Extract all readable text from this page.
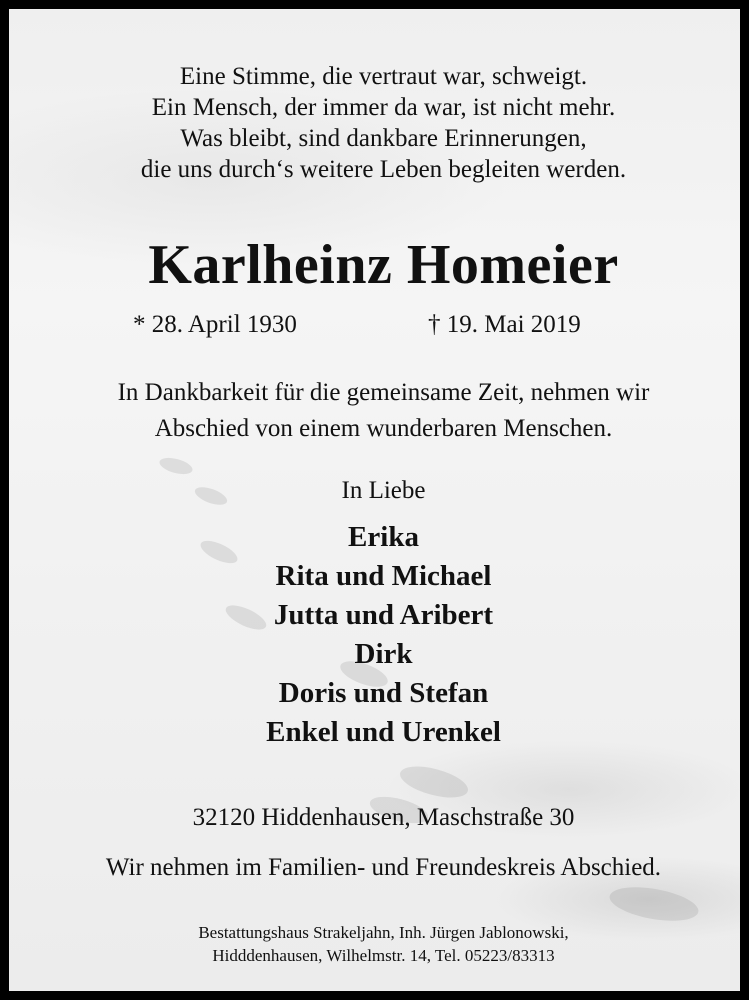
Eine Stimme, die vertraut war, schweigt.
Ein Mensch, der immer da war, ist nicht mehr.
Was bleibt, sind dankbare Erinnerungen,
die uns durch‘s weitere Leben begleiten werden.
Karlheinz Homeier
* 28. April 1930	† 19. Mai 2019
In Dankbarkeit für die gemeinsame Zeit, nehmen wir
Abschied von einem wunderbaren Menschen.
In Liebe
Erika
Rita und Michael
Jutta und Aribert
Dirk
Doris und Stefan
Enkel und Urenkel
32120 Hiddenhausen, Maschstraße 30
Wir nehmen im Familien- und Freundeskreis Abschied.
Bestattungshaus Strakeljahn, Inh. Jürgen Jablonowski,
Hidddenhausen, Wilhelmstr. 14, Tel. 05223/83313
